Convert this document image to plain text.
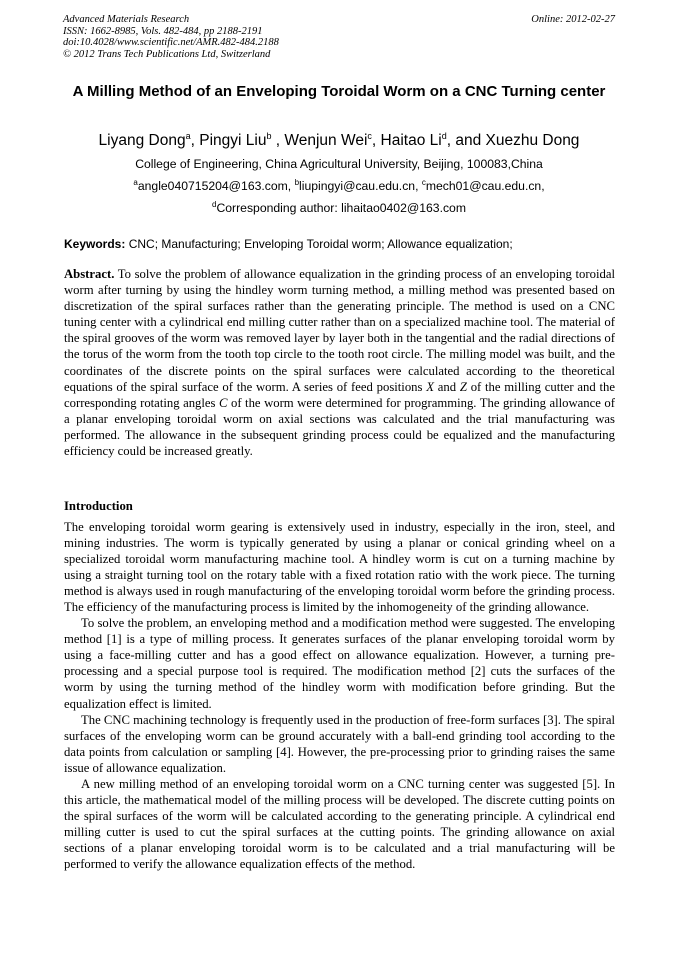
Advanced Materials Research
ISSN: 1662-8985, Vols. 482-484, pp 2188-2191
doi:10.4028/www.scientific.net/AMR.482-484.2188
© 2012 Trans Tech Publications Ltd, Switzerland
Online: 2012-02-27
A Milling Method of an Enveloping Toroidal Worm on a CNC Turning center
Liyang Dong$^a$, Pingyi Liu$^b$ , Wenjun Wei$^c$, Haitao Li$^d$, and Xuezhu Dong
College of Engineering, China Agricultural University, Beijing, 100083,China
$^a$angle040715204@163.com, $^b$liupingyi@cau.edu.cn, $^c$mech01@cau.edu.cn,
$^d$Corresponding author: lihaitao0402@163.com
Keywords: CNC; Manufacturing; Enveloping Toroidal worm; Allowance equalization;
Abstract. To solve the problem of allowance equalization in the grinding process of an enveloping toroidal worm after turning by using the hindley worm turning method, a milling method was presented based on discretization of the spiral surfaces rather than the generating principle. The method is used on a CNC tuning center with a cylindrical end milling cutter rather than on a specialized machine tool. The material of the spiral grooves of the worm was removed layer by layer both in the tangential and the radial directions of the torus of the worm from the tooth top circle to the tooth root circle. The milling model was built, and the coordinates of the discrete points on the spiral surfaces were calculated according to the theoretical equations of the spiral surface of the worm. A series of feed positions X and Z of the milling cutter and the corresponding rotating angles C of the worm were determined for programming. The grinding allowance of a planar enveloping toroidal worm on axial sections was calculated and the trial manufacturing was performed. The allowance in the subsequent grinding process could be equalized and the manufacturing efficiency could be increased greatly.
Introduction

The enveloping toroidal worm gearing is extensively used in industry, especially in the iron, steel, and mining industries. The worm is typically generated by using a planar or conical grinding wheel on a specialized toroidal worm manufacturing machine tool. A hindley worm is cut on a turning machine by using a straight turning tool on the rotary table with a fixed rotation ratio with the work piece. The turning method is always used in rough manufacturing of the enveloping toroidal worm before the grinding process. The efficiency of the manufacturing process is limited by the inhomogeneity of the grinding allowance.

To solve the problem, an enveloping method and a modification method were suggested. The enveloping method [1] is a type of milling process. It generates surfaces of the planar enveloping toroidal worm by using a face-milling cutter and has a good effect on allowance equalization. However, a turning pre-processing and a special purpose tool is required. The modification method [2] cuts the surfaces of the worm by using the turning method of the hindley worm with modification before grinding. But the equalization effect is limited.

The CNC machining technology is frequently used in the production of free-form surfaces [3]. The spiral surfaces of the enveloping worm can be ground accurately with a ball-end grinding tool according to the data points from calculation or sampling [4]. However, the pre-processing prior to grinding raises the same issue of allowance equalization.

A new milling method of an enveloping toroidal worm on a CNC turning center was suggested [5]. In this article, the mathematical model of the milling process will be developed. The discrete cutting points on the spiral surfaces of the worm will be calculated according to the generating principle. A cylindrical end milling cutter is used to cut the spiral surfaces at the cutting points. The grinding allowance on axial sections of a planar enveloping toroidal worm is to be calculated and a trial manufacturing will be performed to verify the allowance equalization effects of the method.
